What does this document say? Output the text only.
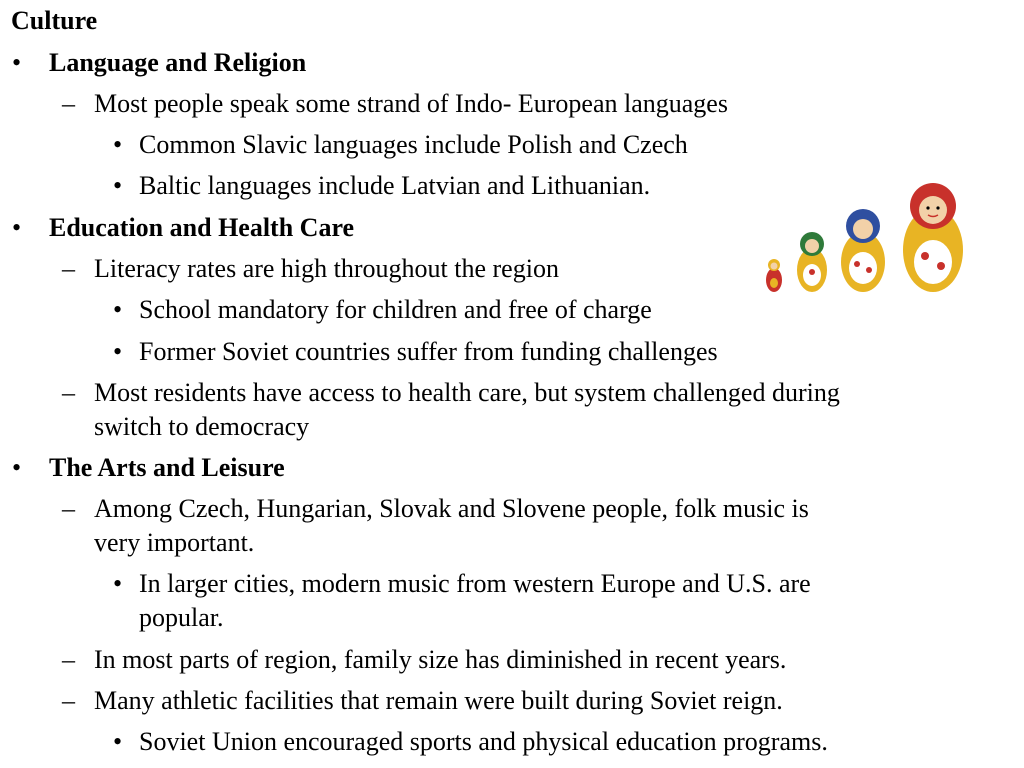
Culture
• Language and Religion
– Most people speak some strand of Indo- European languages
• Common Slavic languages include Polish and Czech
• Baltic languages include Latvian and Lithuanian.
• Education and Health Care
– Literacy rates are high throughout the region
• School mandatory for children and free of charge
• Former Soviet countries suffer from funding challenges
– Most residents have access to health care, but system challenged during
switch to democracy
• The Arts and Leisure
– Among Czech, Hungarian, Slovak and Slovene people, folk music is
very important.
• In larger cities, modern music from western Europe and U.S. are
popular.
– In most parts of region, family size has diminished in recent years.
– Many athletic facilities that remain were built during Soviet reign.
• Soviet Union encouraged sports and physical education programs.
